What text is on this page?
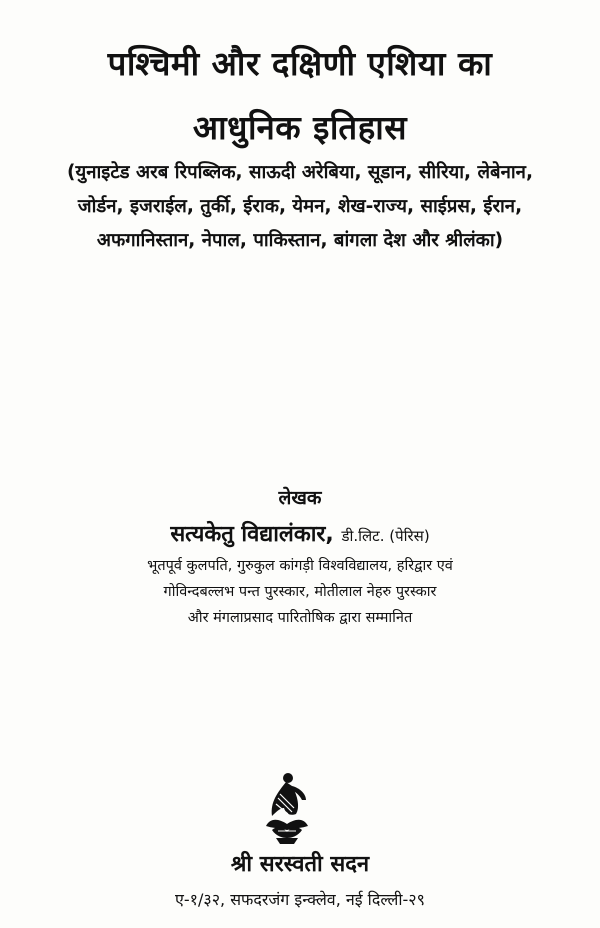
पश्चिमी और दक्षिणी एशिया का
आधुनिक इतिहास
(युनाइटेड अरब रिपब्लिक, साऊदी अरेबिया, सूडान, सीरिया, लेबेनान,
जोर्डन, इजराईल, तुर्की, ईराक, येमन, शेख-राज्य, साईप्रस, ईरान,
अफगानिस्तान, नेपाल, पाकिस्तान, बांगला देश और श्रीलंका)
लेखक
सत्यकेतु विद्यालंकार, डी.लिट. (पेरिस)
भूतपूर्व कुलपति, गुरुकुल कांगड़ी विश्वविद्यालय, हरिद्वार एवं
गोविन्दबल्लभ पन्त पुरस्कार, मोतीलाल नेहरु पुरस्कार
और मंगलाप्रसाद पारितोषिक द्वारा सम्मानित
श्री सरस्वती सदन
ए-१/३२, सफदरजंग इन्क्लेव, नई दिल्ली-२९
